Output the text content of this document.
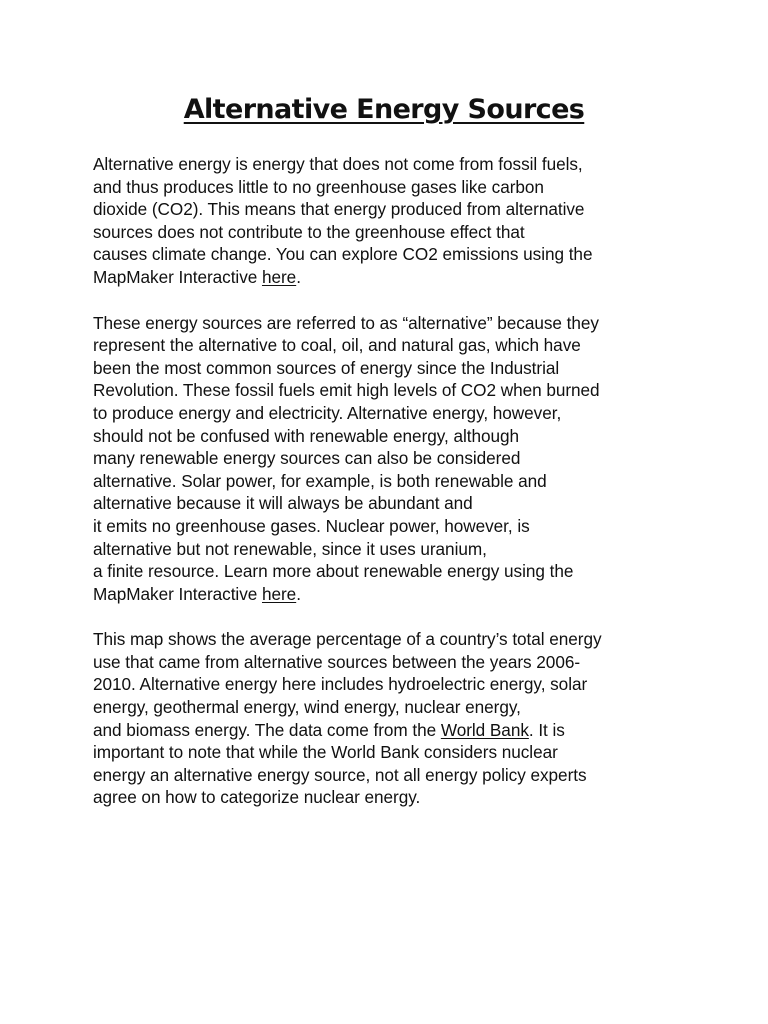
Alternative Energy Sources

Alternative energy is energy that does not come from fossil fuels,
and thus produces little to no greenhouse gases like carbon
dioxide (CO2). This means that energy produced from alternative
sources does not contribute to the greenhouse effect that
causes climate change. You can explore CO2 emissions using the
MapMaker Interactive here.

These energy sources are referred to as “alternative” because they
represent the alternative to coal, oil, and natural gas, which have
been the most common sources of energy since the Industrial
Revolution. These fossil fuels emit high levels of CO2 when burned
to produce energy and electricity. Alternative energy, however,
should not be confused with renewable energy, although
many renewable energy sources can also be considered
alternative. Solar power, for example, is both renewable and
alternative because it will always be abundant and
it emits no greenhouse gases. Nuclear power, however, is
alternative but not renewable, since it uses uranium,
a finite resource. Learn more about renewable energy using the
MapMaker Interactive here.

This map shows the average percentage of a country’s total energy
use that came from alternative sources between the years 2006-
2010. Alternative energy here includes hydroelectric energy, solar
energy, geothermal energy, wind energy, nuclear energy,
and biomass energy. The data come from the World Bank. It is
important to note that while the World Bank considers nuclear
energy an alternative energy source, not all energy policy experts
agree on how to categorize nuclear energy.
